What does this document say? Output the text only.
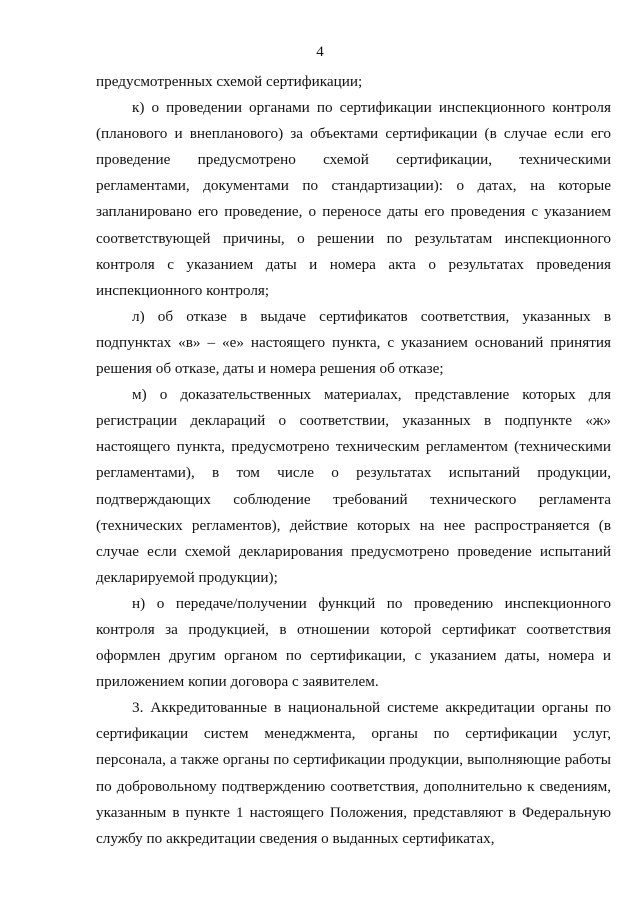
4

предусмотренных схемой сертификации;

к) о проведении органами по сертификации инспекционного контроля (планового и внепланового) за объектами сертификации (в случае если его проведение предусмотрено схемой сертификации, техническими регламентами, документами по стандартизации): о датах, на которые запланировано его проведение, о переносе даты его проведения с указанием соответствующей причины, о решении по результатам инспекционного контроля с указанием даты и номера акта о результатах проведения инспекционного контроля;

л) об отказе в выдаче сертификатов соответствия, указанных в подпунктах «в» – «е» настоящего пункта, с указанием оснований принятия решения об отказе, даты и номера решения об отказе;

м) о доказательственных материалах, представление которых для регистрации деклараций о соответствии, указанных в подпункте «ж» настоящего пункта, предусмотрено техническим регламентом (техническими регламентами), в том числе о результатах испытаний продукции, подтверждающих соблюдение требований технического регламента (технических регламентов), действие которых на нее распространяется (в случае если схемой декларирования предусмотрено проведение испытаний декларируемой продукции);

н) о передаче/получении функций по проведению инспекционного контроля за продукцией, в отношении которой сертификат соответствия оформлен другим органом по сертификации, с указанием даты, номера и приложением копии договора с заявителем.

3. Аккредитованные в национальной системе аккредитации органы по сертификации систем менеджмента, органы по сертификации услуг, персонала, а также органы по сертификации продукции, выполняющие работы по добровольному подтверждению соответствия, дополнительно к сведениям, указанным в пункте 1 настоящего Положения, представляют в Федеральную службу по аккредитации сведения о выданных сертификатах,
